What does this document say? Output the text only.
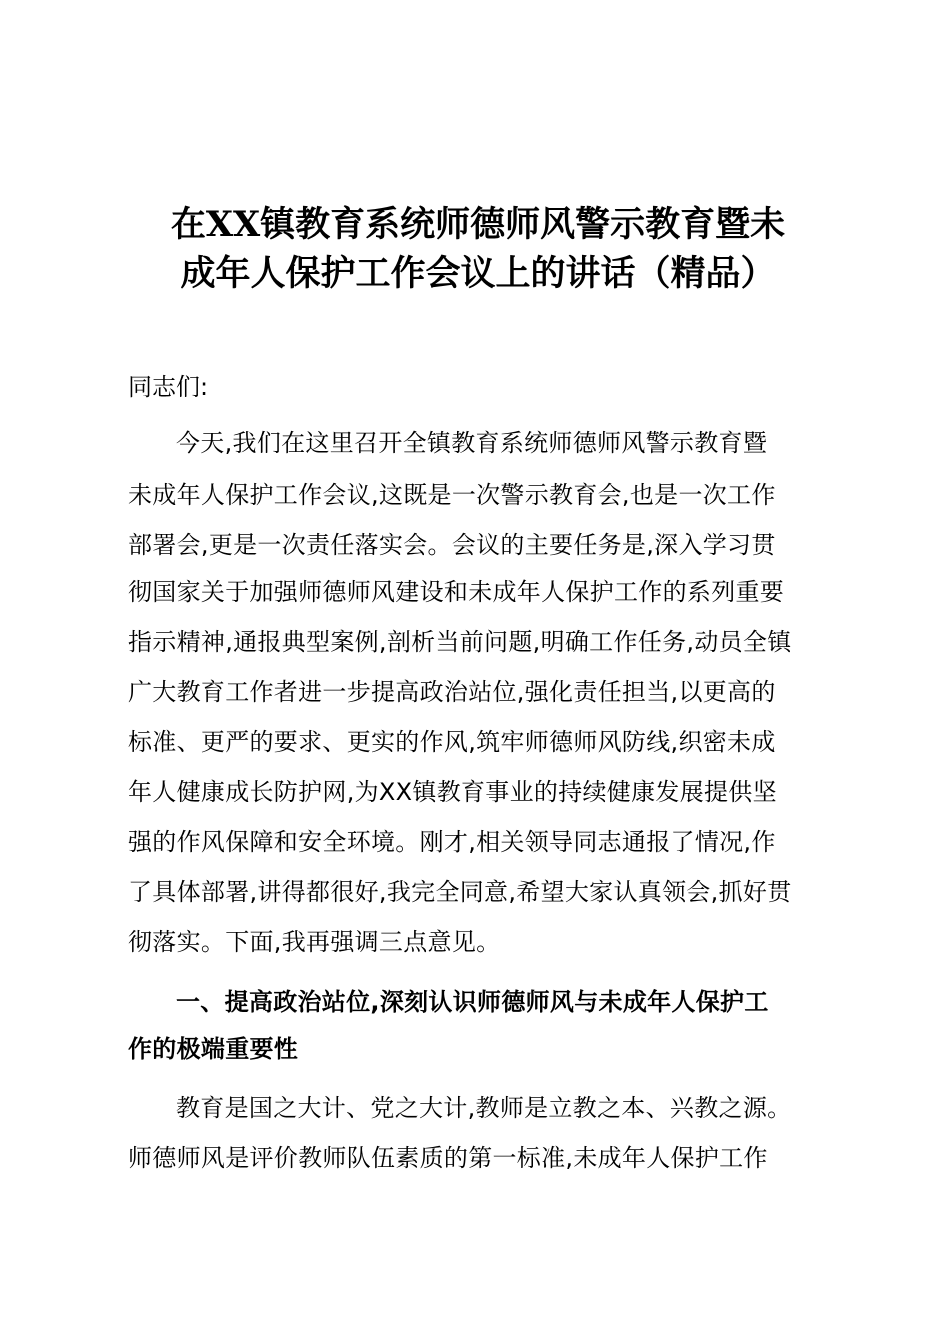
在XX镇教育系统师德师风警示教育暨未
成年人保护工作会议上的讲话（精品）
同志们:
今天,我们在这里召开全镇教育系统师德师风警示教育暨
未成年人保护工作会议,这既是一次警示教育会,也是一次工作
部署会,更是一次责任落实会。会议的主要任务是,深入学习贯
彻国家关于加强师德师风建设和未成年人保护工作的系列重要
指示精神,通报典型案例,剖析当前问题,明确工作任务,动员全镇
广大教育工作者进一步提高政治站位,强化责任担当,以更高的
标准、更严的要求、更实的作风,筑牢师德师风防线,织密未成
年人健康成长防护网,为XX镇教育事业的持续健康发展提供坚
强的作风保障和安全环境。刚才,相关领导同志通报了情况,作
了具体部署,讲得都很好,我完全同意,希望大家认真领会,抓好贯
彻落实。下面,我再强调三点意见。
一、提高政治站位,深刻认识师德师风与未成年人保护工
作的极端重要性
教育是国之大计、党之大计,教师是立教之本、兴教之源。
师德师风是评价教师队伍素质的第一标准,未成年人保护工作
